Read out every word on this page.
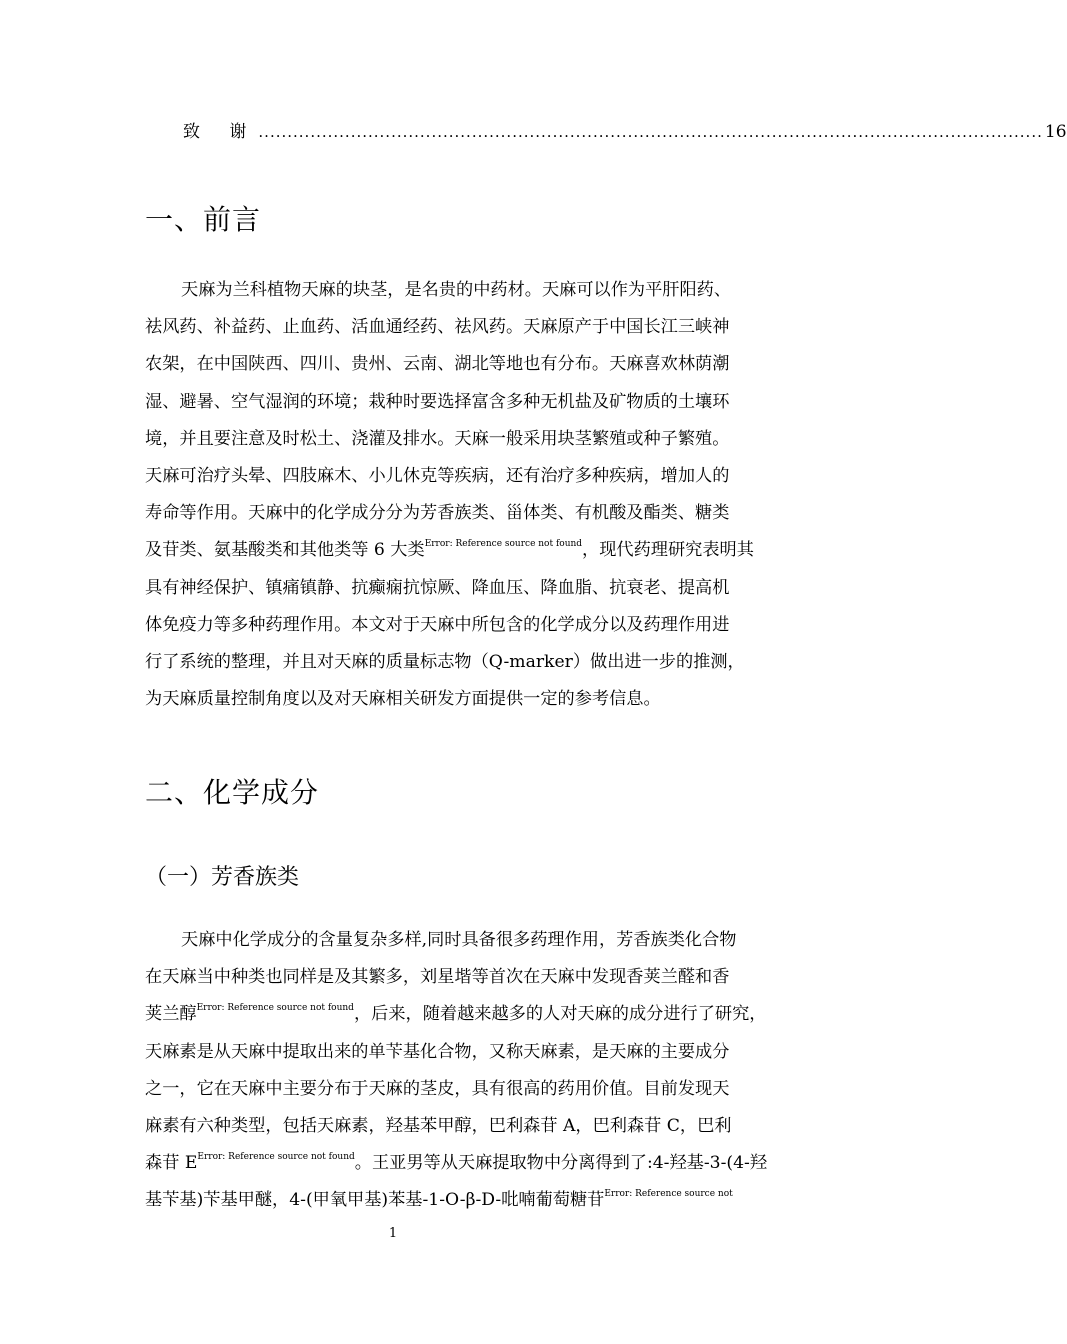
致 谢 ........................................................................................................................................ 16
一、前言
天麻为兰科植物天麻的块茎，是名贵的中药材。天麻可以作为平肝阳药、
祛风药、补益药、止血药、活血通经药、祛风药。天麻原产于中国长江三峡神
农架，在中国陕西、四川、贵州、云南、湖北等地也有分布。天麻喜欢林荫潮
湿、避暑、空气湿润的环境；栽种时要选择富含多种无机盐及矿物质的土壤环
境，并且要注意及时松土、浇灌及排水。天麻一般采用块茎繁殖或种子繁殖。
天麻可治疗头晕、四肢麻木、小儿休克等疾病，还有治疗多种疾病，增加人的
寿命等作用。天麻中的化学成分分为芳香族类、甾体类、有机酸及酯类、糖类
及苷类、氨基酸类和其他类等 6 大类$^{Error: Reference source not found}$，现代药理研究表明其
具有神经保护、镇痛镇静、抗癫痫抗惊厥、降血压、降血脂、抗衰老、提高机
体免疫力等多种药理作用。本文对于天麻中所包含的化学成分以及药理作用进
行了系统的整理，并且对天麻的质量标志物（Q-marker）做出进一步的推测，
为天麻质量控制角度以及对天麻相关研发方面提供一定的参考信息。
二、化学成分
（一）芳香族类
天麻中化学成分的含量复杂多样,同时具备很多药理作用，芳香族类化合物
在天麻当中种类也同样是及其繁多，刘星堦等首次在天麻中发现香荚兰醛和香
荚兰醇$^{Error: Reference source not found}$，后来，随着越来越多的人对天麻的成分进行了研究，
天麻素是从天麻中提取出来的单苄基化合物，又称天麻素，是天麻的主要成分
之一，它在天麻中主要分布于天麻的茎皮，具有很高的药用价值。目前发现天
麻素有六种类型，包括天麻素，羟基苯甲醇，巴利森苷 A，巴利森苷 C，巴利
森苷 E$^{Error: Reference source not found}$。王亚男等从天麻提取物中分离得到了:4-羟基-3-(4-羟
基苄基)苄基甲醚，4-(甲氧甲基)苯基-1-O-β-D-吡喃葡萄糖苷$^{Error: Reference source not}$
1
